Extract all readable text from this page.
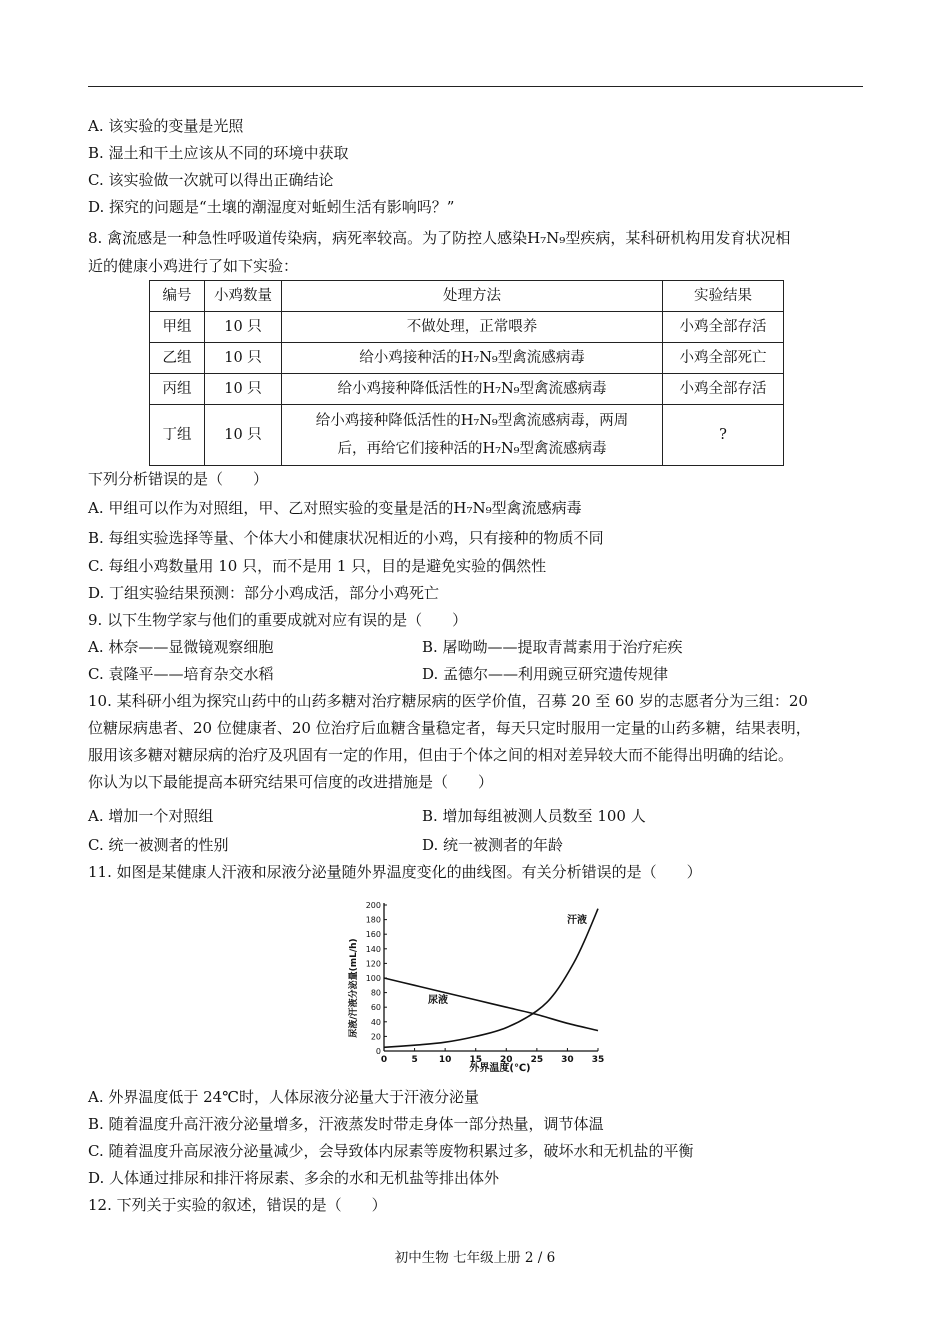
A. 该实验的变量是光照
B. 湿土和干土应该从不同的环境中获取
C. 该实验做一次就可以得出正确结论
D. 探究的问题是“土壤的潮湿度对蚯蚓生活有影响吗？”
8. 禽流感是一种急性呼吸道传染病，病死率较高。为了防控人感染H₇N₉型疾病，某科研机构用发育状况相
近的健康小鸡进行了如下实验：
编号	小鸡数量	处理方法	实验结果
甲组	10 只	不做处理，正常喂养	小鸡全部存活
乙组	10 只	给小鸡接种活的H₇N₉型禽流感病毒	小鸡全部死亡
丙组	10 只	给小鸡接种降低活性的H₇N₉型禽流感病毒	小鸡全部存活
丁组	10 只	给小鸡接种降低活性的H₇N₉型禽流感病毒，两周
后，再给它们接种活的H₇N₉型禽流感病毒	?
下列分析错误的是（　　）
A. 甲组可以作为对照组，甲、乙对照实验的变量是活的H₇N₉型禽流感病毒
B. 每组实验选择等量、个体大小和健康状况相近的小鸡，只有接种的物质不同
C. 每组小鸡数量用 10 只，而不是用 1 只，目的是避免实验的偶然性
D. 丁组实验结果预测：部分小鸡成活，部分小鸡死亡
9. 以下生物学家与他们的重要成就对应有误的是（　　）
A. 林奈——显微镜观察细胞	B. 屠呦呦——提取青蒿素用于治疗疟疾
C. 袁隆平——培育杂交水稻	D. 孟德尔——利用豌豆研究遗传规律
10. 某科研小组为探究山药中的山药多糖对治疗糖尿病的医学价值，召募 20 至 60 岁的志愿者分为三组：20
位糖尿病患者、20 位健康者、20 位治疗后血糖含量稳定者，每天只定时服用一定量的山药多糖，结果表明，
服用该多糖对糖尿病的治疗及巩固有一定的作用，但由于个体之间的相对差异较大而不能得出明确的结论。
你认为以下最能提高本研究结果可信度的改进措施是（　　）
A. 增加一个对照组	B. 增加每组被测人员数至 100 人
C. 统一被测者的性别	D. 统一被测者的年龄
11. 如图是某健康人汗液和尿液分泌量随外界温度变化的曲线图。有关分析错误的是（　　）
0	5 10 15 20 25 30 35
0
20
40
60
80
100
120
140
160
180
200
尿液/汗液分泌量(mL/h)
外界温度(℃)
汗液
尿液
A. 外界温度低于 24℃时，人体尿液分泌量大于汗液分泌量
B. 随着温度升高汗液分泌量增多，汗液蒸发时带走身体一部分热量，调节体温
C. 随着温度升高尿液分泌量减少，会导致体内尿素等废物积累过多，破坏水和无机盐的平衡
D. 人体通过排尿和排汗将尿素、多余的水和无机盐等排出体外
12. 下列关于实验的叙述，错误的是（　　）
初中生物 七年级上册 2 / 6
